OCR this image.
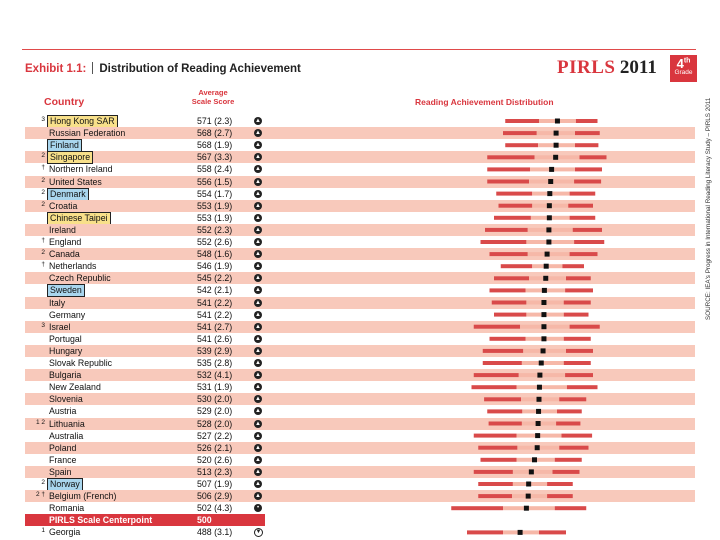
Exhibit 1.1: Distribution of Reading Achievement	PIRLS 2011	4th
Grade
SOURCE: IEA's Progress in International Reading Literacy Study – PIRLS 2011
Country
Average
Scale Score	Reading Achievement Distribution
3 Hong Kong SAR	571 (2.3)	▲
Russian Federation	568 (2.7)	▲
Finland	568 (1.9)	▲
2 Singapore	567 (3.3)	▲
† Northern Ireland	558 (2.4)	▲
2 United States	556 (1.5)	▲
2 Denmark	554 (1.7)	▲
2 Croatia	553 (1.9)	▲
Chinese Taipei	553 (1.9)	▲
Ireland	552 (2.3)	▲
† England	552 (2.6)	▲
2 Canada	548 (1.6)	▲
† Netherlands	546 (1.9)	▲
Czech Republic	545 (2.2)	▲
Sweden	542 (2.1)	▲
Italy	541 (2.2)	▲
Germany	541 (2.2)	▲
3 Israel	541 (2.7)	▲
Portugal	541 (2.6)	▲
Hungary	539 (2.9)	▲
Slovak Republic	535 (2.8)	▲
Bulgaria	532 (4.1)	▲
New Zealand	531 (1.9)	▲
Slovenia	530 (2.0)	▲
Austria	529 (2.0)	▲
1 2 Lithuania	528 (2.0)	▲
Australia	527 (2.2)	▲
Poland	526 (2.1)	▲
France	520 (2.6)	▲
Spain	513 (2.3)	▲
2 Norway	507 (1.9)	▲
2 † Belgium (French)	506 (2.9)	▲
Romania	502 (4.3)	•
PIRLS Scale Centerpoint	500
1 Georgia	488 (3.1)	▼
